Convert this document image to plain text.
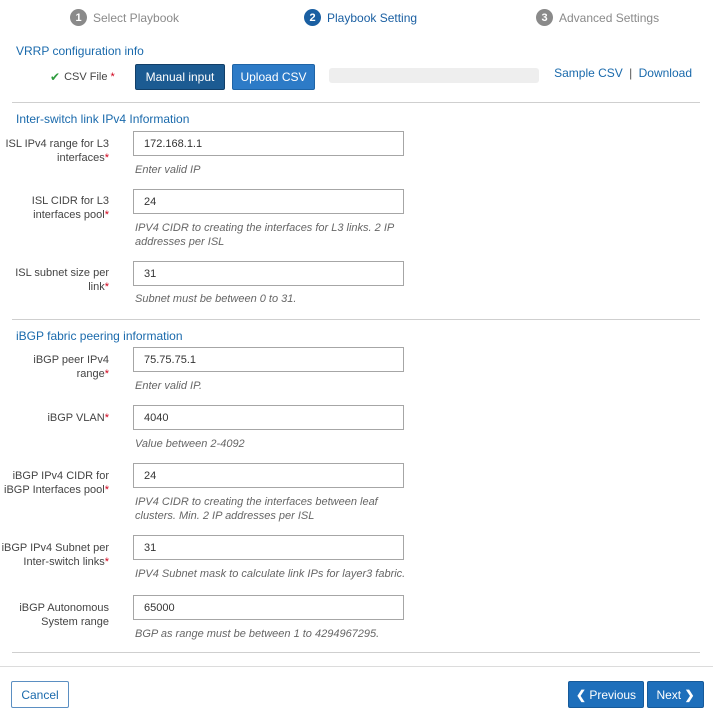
1 Select Playbook	2 Playbook Setting	3 Advanced Settings
VRRP configuration info
✔ CSV File *	Manual input	Upload CSV	Sample CSV | Download
Inter-switch link IPv4 Information
ISL IPv4 range for L3 interfaces*
172.168.1.1
Enter valid IP
ISL CIDR for L3 interfaces pool*
24
IPV4 CIDR to creating the interfaces for L3 links. 2 IP addresses per ISL
ISL subnet size per link*
31
Subnet must be between 0 to 31.
iBGP fabric peering information
iBGP peer IPv4 range*
75.75.75.1
Enter valid IP.
iBGP VLAN*
4040
Value between 2-4092
iBGP IPv4 CIDR for iBGP Interfaces pool*
24
IPV4 CIDR to creating the interfaces between leaf clusters. Min. 2 IP addresses per ISL
iBGP IPv4 Subnet per Inter-switch links*
31
IPV4 Subnet mask to calculate link IPs for layer3 fabric.
iBGP Autonomous System range
65000
BGP as range must be between 1 to 4294967295.
Cancel	❮ Previous	Next ❯
